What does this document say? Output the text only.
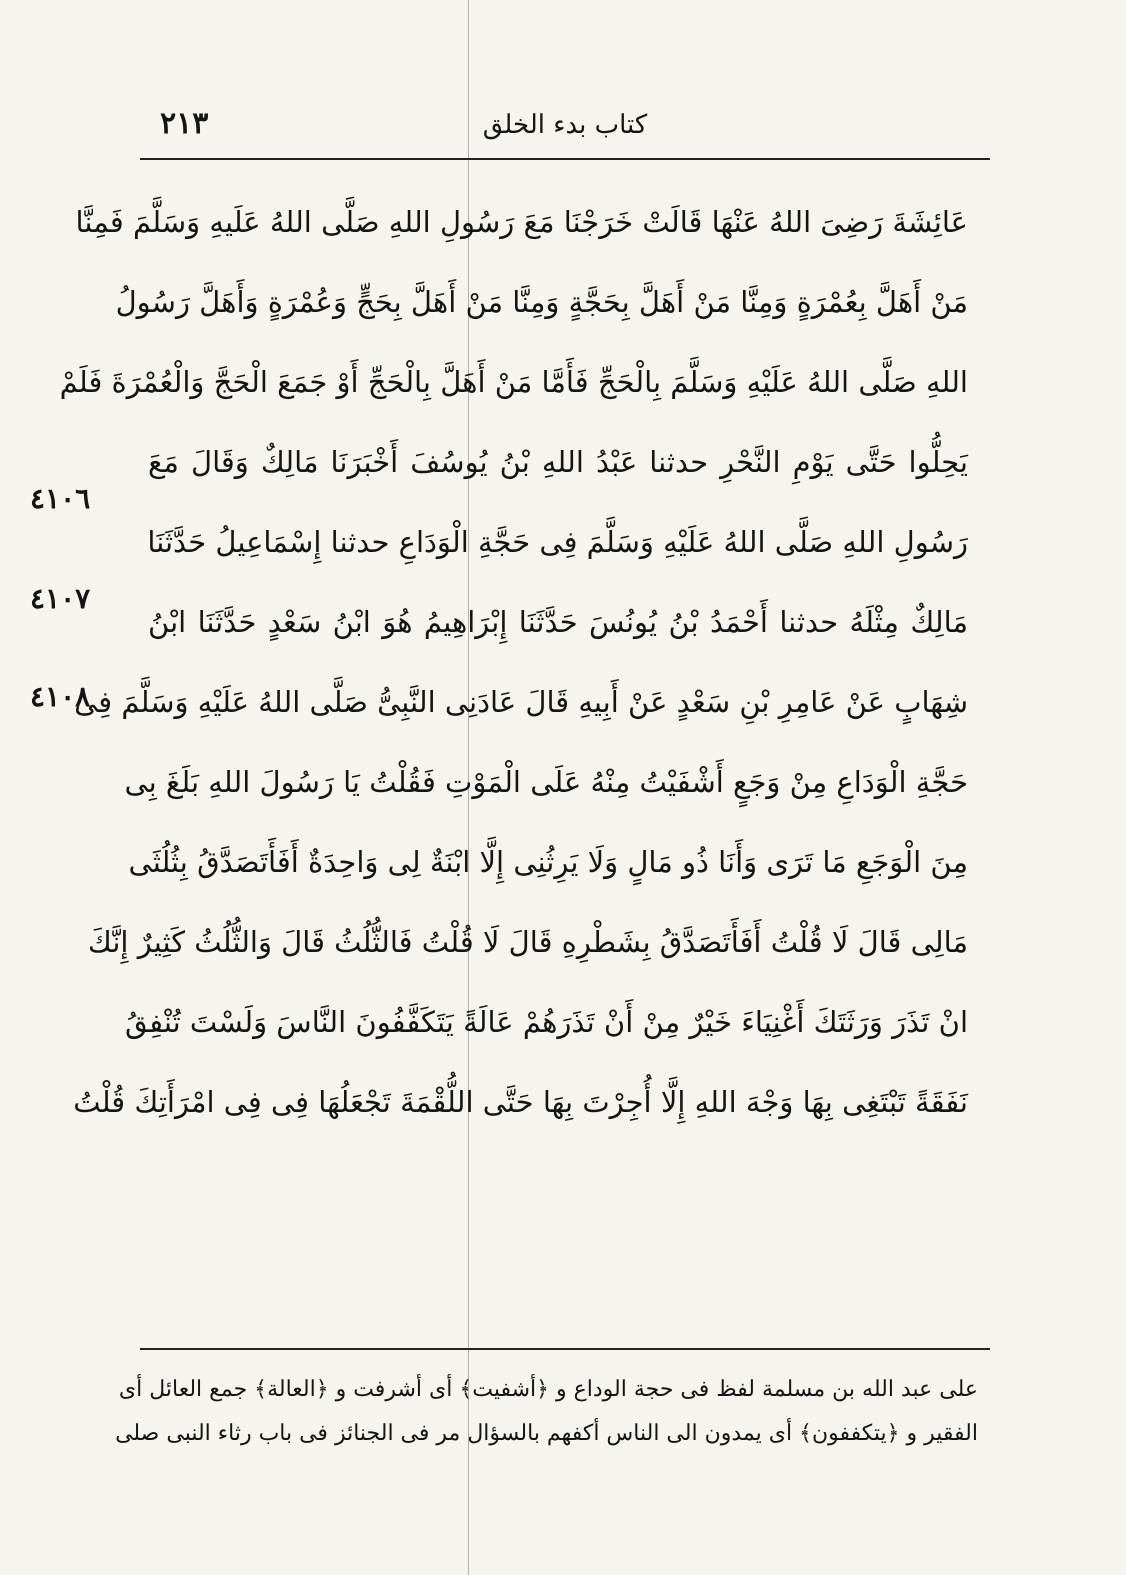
٢١٣	كتاب بدء الخلق
عَائِشَةَ رَضِىَ اللهُ عَنْهَا قَالَتْ خَرَجْنَا مَعَ رَسُولِ اللهِ صَلَّى اللهُ عَلَيهِ وَسَلَّمَ فَمِنَّا
مَنْ أَهَلَّ بِعُمْرَةٍ وَمِنَّا مَنْ أَهَلَّ بِحَجَّةٍ وَمِنَّا مَنْ أَهَلَّ بِحَجٍّ وَعُمْرَةٍ وَأَهَلَّ رَسُولُ
اللهِ صَلَّى اللهُ عَلَيْهِ وَسَلَّمَ بِالْحَجِّ فَأَمَّا مَنْ أَهَلَّ بِالْحَجِّ أَوْ جَمَعَ الْحَجَّ وَالْعُمْرَةَ فَلَمْ
يَحِلُّوا حَتَّى يَوْمِ النَّحْرِ حدثنا عَبْدُ اللهِ بْنُ يُوسُفَ أَخْبَرَنَا مَالِكٌ وَقَالَ مَعَ
رَسُولِ اللهِ صَلَّى اللهُ عَلَيْهِ وَسَلَّمَ فِى حَجَّةِ الْوَدَاعِ حدثنا إِسْمَاعِيلُ حَدَّثَنَا
مَالِكٌ مِثْلَهُ حدثنا أَحْمَدُ بْنُ يُونُسَ حَدَّثَنَا إِبْرَاهِيمُ هُوَ ابْنُ سَعْدٍ حَدَّثَنَا ابْنُ
شِهَابٍ عَنْ عَامِرِ بْنِ سَعْدٍ عَنْ أَبِيهِ قَالَ عَادَنِى النَّبِىُّ صَلَّى اللهُ عَلَيْهِ وَسَلَّمَ فِى
حَجَّةِ الْوَدَاعِ مِنْ وَجَعٍ أَشْفَيْتُ مِنْهُ عَلَى الْمَوْتِ فَقُلْتُ يَا رَسُولَ اللهِ بَلَغَ بِى
مِنَ الْوَجَعِ مَا تَرَى وَأَنَا ذُو مَالٍ وَلَا يَرِثُنِى إِلَّا ابْنَةٌ لِى وَاحِدَةٌ أَفَأَتَصَدَّقُ بِثُلُثَى
مَالِى قَالَ لَا قُلْتُ أَفَأَتَصَدَّقُ بِشَطْرِهِ قَالَ لَا قُلْتُ فَالثُّلُثُ قَالَ وَالثُّلُثُ كَثِيرٌ إِنَّكَ
انْ تَذَرَ وَرَثَتَكَ أَغْنِيَاءَ خَيْرٌ مِنْ أَنْ تَذَرَهُمْ عَالَةً يَتَكَفَّفُونَ النَّاسَ وَلَسْتَ تُنْفِقُ
نَفَقَةً تَبْتَغِى بِهَا وَجْهَ اللهِ إِلَّا أُجِرْتَ بِهَا حَتَّى اللُّقْمَةَ تَجْعَلُهَا فِى فِى امْرَأَتِكَ قُلْتُ
٤١٠٦
٤١٠٧
٤١٠٨
على عبد الله بن مسلمة لفظ فى حجة الوداع و ﴿أشفيت﴾ أى أشرفت و ﴿العالة﴾ جمع العائل أى
الفقير و ﴿يتكففون﴾ أى يمدون الى الناس أكفهم بالسؤال مر فى الجنائز فى باب رثاء النبى صلى
